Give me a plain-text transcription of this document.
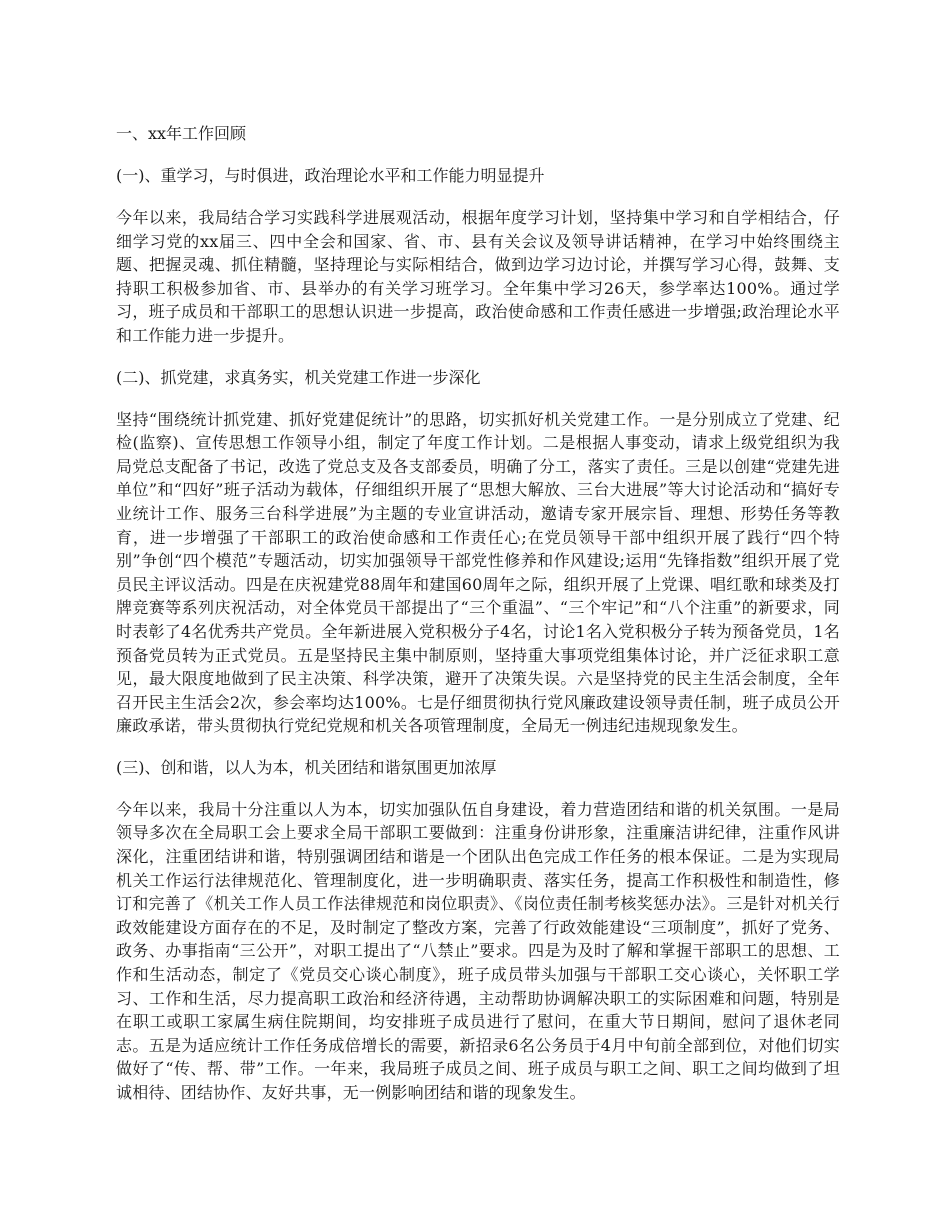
一、xx年工作回顾
(一)、重学习，与时俱进，政治理论水平和工作能力明显提升
今年以来，我局结合学习实践科学进展观活动，根据年度学习计划，坚持集中学习和自学相结合，仔细学习党的xx届三、四中全会和国家、省、市、县有关会议及领导讲话精神，在学习中始终围绕主题、把握灵魂、抓住精髓，坚持理论与实际相结合，做到边学习边讨论，并撰写学习心得，鼓舞、支持职工积极参加省、市、县举办的有关学习班学习。全年集中学习26天，参学率达100%。通过学习，班子成员和干部职工的思想认识进一步提高，政治使命感和工作责任感进一步增强;政治理论水平和工作能力进一步提升。
(二)、抓党建，求真务实，机关党建工作进一步深化
坚持“围绕统计抓党建、抓好党建促统计”的思路，切实抓好机关党建工作。一是分别成立了党建、纪检(监察)、宣传思想工作领导小组，制定了年度工作计划。二是根据人事变动，请求上级党组织为我局党总支配备了书记，改选了党总支及各支部委员，明确了分工，落实了责任。三是以创建“党建先进单位”和“四好”班子活动为载体，仔细组织开展了“思想大解放、三台大进展”等大讨论活动和“搞好专业统计工作、服务三台科学进展”为主题的专业宣讲活动，邀请专家开展宗旨、理想、形势任务等教育，进一步增强了干部职工的政治使命感和工作责任心;在党员领导干部中组织开展了践行“四个特别”争创“四个模范”专题活动，切实加强领导干部党性修养和作风建设;运用“先锋指数”组织开展了党员民主评议活动。四是在庆祝建党88周年和建国60周年之际，组织开展了上党课、唱红歌和球类及打牌竞赛等系列庆祝活动，对全体党员干部提出了“三个重温”、“三个牢记”和“八个注重”的新要求，同时表彰了4名优秀共产党员。全年新进展入党积极分子4名，讨论1名入党积极分子转为预备党员，1名预备党员转为正式党员。五是坚持民主集中制原则，坚持重大事项党组集体讨论，并广泛征求职工意见，最大限度地做到了民主决策、科学决策，避开了决策失误。六是坚持党的民主生活会制度，全年召开民主生活会2次，参会率均达100%。七是仔细贯彻执行党风廉政建设领导责任制，班子成员公开廉政承诺，带头贯彻执行党纪党规和机关各项管理制度，全局无一例违纪违规现象发生。
(三)、创和谐，以人为本，机关团结和谐氛围更加浓厚
今年以来，我局十分注重以人为本，切实加强队伍自身建设，着力营造团结和谐的机关氛围。一是局领导多次在全局职工会上要求全局干部职工要做到：注重身份讲形象，注重廉洁讲纪律，注重作风讲深化，注重团结讲和谐，特别强调团结和谐是一个团队出色完成工作任务的根本保证。二是为实现局机关工作运行法律规范化、管理制度化，进一步明确职责、落实任务，提高工作积极性和制造性，修订和完善了《机关工作人员工作法律规范和岗位职责》、《岗位责任制考核奖惩办法》。三是针对机关行政效能建设方面存在的不足，及时制定了整改方案，完善了行政效能建设“三项制度”，抓好了党务、政务、办事指南“三公开”，对职工提出了“八禁止”要求。四是为及时了解和掌握干部职工的思想、工作和生活动态，制定了《党员交心谈心制度》，班子成员带头加强与干部职工交心谈心，关怀职工学习、工作和生活，尽力提高职工政治和经济待遇，主动帮助协调解决职工的实际困难和问题，特别是在职工或职工家属生病住院期间，均安排班子成员进行了慰问，在重大节日期间，慰问了退休老同志。五是为适应统计工作任务成倍增长的需要，新招录6名公务员于4月中旬前全部到位，对他们切实做好了“传、帮、带”工作。一年来，我局班子成员之间、班子成员与职工之间、职工之间均做到了坦诚相待、团结协作、友好共事，无一例影响团结和谐的现象发生。
